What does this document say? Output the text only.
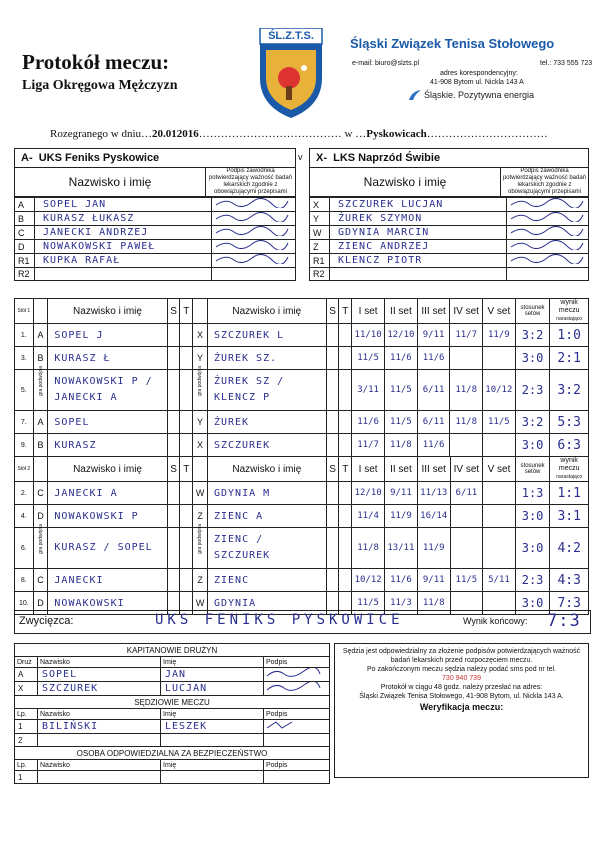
Protokół meczu:
Liga Okręgowa Mężczyzn
ŚL.Z.T.S.	Śląski Związek Tenisa Stołowego
e-mail: biuro@slzts.pl	tel.: 733 555 723
adres korespondencyjny:
41-908 Bytom ul. Nickla 143 A
Śląskie. Pozytywna energia
Rozegranego w dniu…20.012016………………………………… w …Pyskowicach……………………………
A- UKS Feniks Pyskowice
Nazwisko i imię	Podpis zawodnika potwierdzający ważność badań lekarskich zgodnie z obowiązującymi przepisami
A	SOPEL JAN	
B	KURASZ ŁUKASZ	
C	JANECKI ANDRZEJ	
D	NOWAKOWSKI PAWEŁ	
R1	KUPKA RAFAŁ	
R2		
v X- LKS Naprzód Świbie
Nazwisko i imię	Podpis zawodnika potwierdzający ważność badań lekarskich zgodnie z obowiązującymi przepisami
X	SZCZUREK LUCJAN	
Y	ŻUREK SZYMON	
W	GDYNIA MARCIN	
Z	ZIENC ANDRZEJ	
R1	KLENCZ PIOTR	
R2		
Stół 1		Nazwisko i imię	S	T		Nazwisko i imię	S	T	I set	II set	III set	IV set	V set	stosunek setów	wynik meczu
narastająco

1.	A	SOPEL J			X	SZCZUREK L			11/10	12/10	9/11	11/7	11/9	3:2	1:0
3.	B	KURASZ Ł			Y	ŻUREK SZ.			11/5	11/6	11/6			3:0	2:1
5.	gra podwójna	NOWAKOWSKI P / JANECKI A			gra podwójna	ŻUREK SZ / KLENCZ P			3/11	11/5	6/11	11/8	10/12	2:3	3:2
7.	A	SOPEL			Y	ŻUREK			11/6	11/5	6/11	11/8	11/5	3:2	5:3
9.	B	KURASZ			X	SZCZUREK			11/7	11/8	11/6			3:0	6:3
Stół 2		Nazwisko i imię	S	T		Nazwisko i imię	S	T	I set	II set	III set	IV set	V set	stosunek setów	wynik meczu
narastająco

2.	C	JANECKI A			W	GDYNIA M			12/10	9/11	11/13	6/11		1:3	1:1
4.	D	NOWAKOWSKI P			Z	ZIENC A			11/4	11/9	16/14			3:0	3:1
6.	gra podwójna	KURASZ / SOPEL			gra podwójna	ZIENC / SZCZUREK			11/8	13/11	11/9			3:0	4:2
8.	C	JANECKI			Z	ZIENC			10/12	11/6	9/11	11/5	5/11	2:3	4:3
10.	D	NOWAKOWSKI			W	GDYNIA			11/5	11/3	11/8			3:0	7:3
Zwycięzca:	UKS FENIKS PYSKOWICE	Wynik końcowy: 7:3
KAPITANOWIE DRUŻYN			
Druż	Nazwisko	Imię	Podpis
A	SOPEL	JAN	
X	SZCZUREK	LUCJAN	
SĘDZIOWIE MECZU			
Lp.	Nazwisko	Imię	Podpis
1	BILIŃSKI	LESZEK	
2			
OSOBA ODPOWIEDZIALNA ZA BEZPIECZEŃSTWO			
Lp.	Nazwisko	Imię	Podpis
1			
Sędzia jest odpowiedzialny za złożenie podpisów potwierdzających ważność badań lekarskich przed rozpoczęciem meczu.
Po zakończonym meczu sędzia należy podać sms pod nr tel.
730 940 739
Protokół w ciągu 48 godz. należy przesłać na adres:
Śląski Związek Tenisa Stołowego, 41-908 Bytom, ul. Nickla 143 A.
Weryfikacja meczu:
